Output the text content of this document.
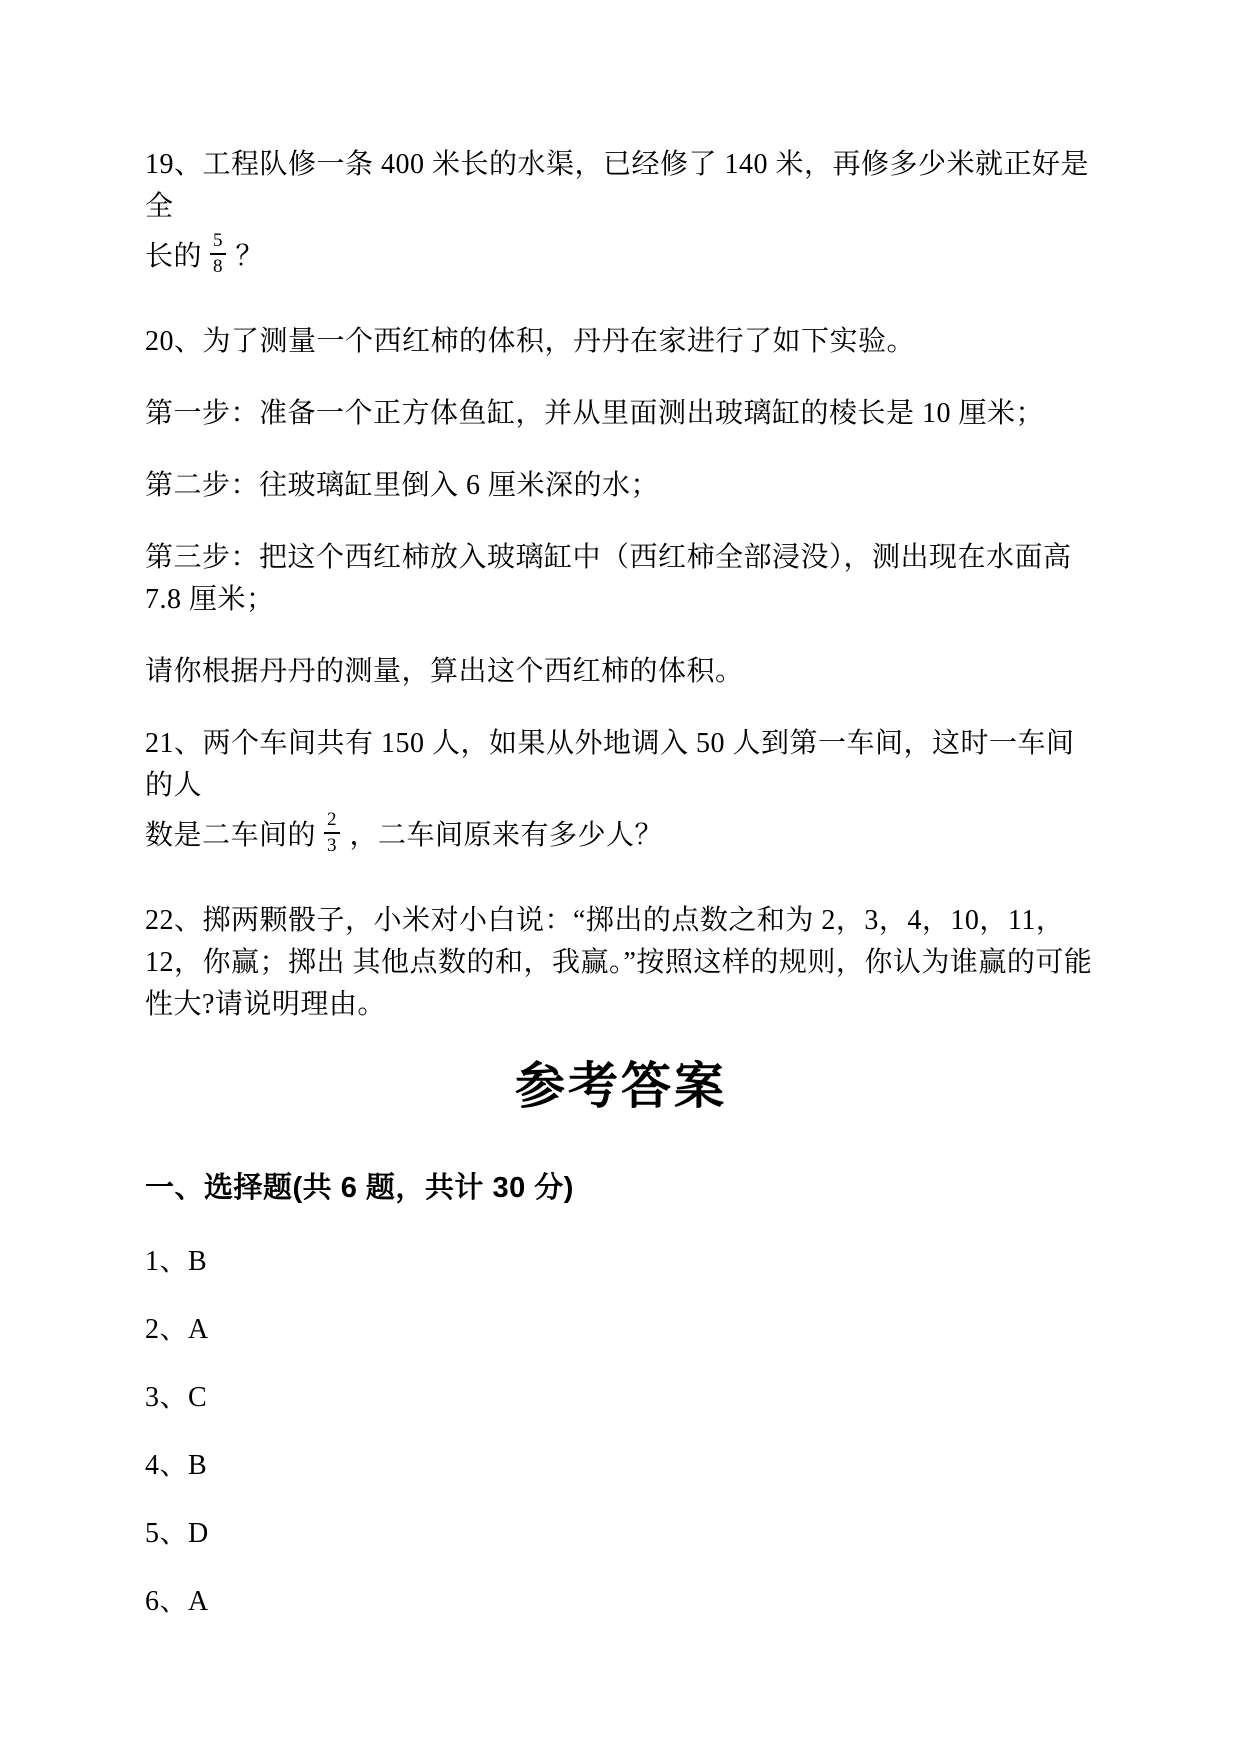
19、工程队修一条 400 米长的水渠，已经修了 140 米，再修多少米就正好是全
长的 $\frac{5}{8}$ ？
20、为了测量一个西红柿的体积，丹丹在家进行了如下实验。
第一步：准备一个正方体鱼缸，并从里面测出玻璃缸的棱长是 10 厘米；
第二步：往玻璃缸里倒入 6 厘米深的水；
第三步：把这个西红柿放入玻璃缸中（西红柿全部浸没），测出现在水面高
7.8 厘米；
请你根据丹丹的测量，算出这个西红柿的体积。
21、两个车间共有 150 人，如果从外地调入 50 人到第一车间，这时一车间的人
数是二车间的 $\frac{2}{3}$ ，二车间原来有多少人？
22、掷两颗骰子，小米对小白说：“掷出的点数之和为 2，3，4，10，11，
12，你赢；掷出 其他点数的和，我赢。”按照这样的规则，你认为谁赢的可能
性大?请说明理由。
参考答案
一、选择题(共 6 题，共计 30 分)
1、B
2、A
3、C
4、B
5、D
6、A
